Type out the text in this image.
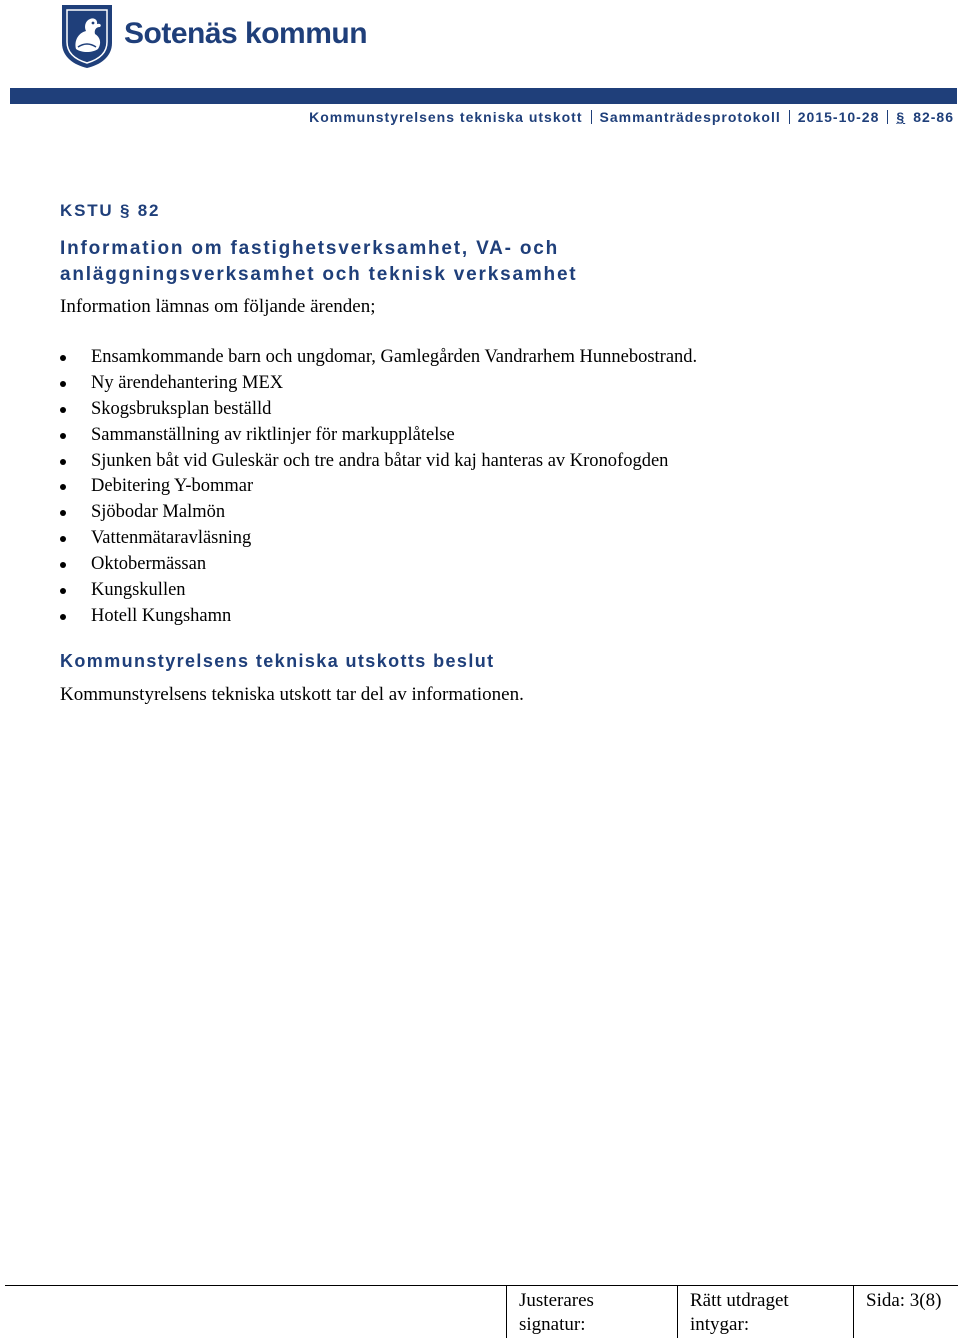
Sotenäs kommun
Kommunstyrelsens tekniska utskott Sammanträdesprotokoll 2015-10-28 § 82-86
KSTU § 82
Information om fastighetsverksamhet, VA- och
anläggningsverksamhet och teknisk verksamhet
Information lämnas om följande ärenden;
Ensamkommande barn och ungdomar, Gamlegården Vandrarhem Hunnebostrand.
Ny ärendehantering MEX
Skogsbruksplan beställd
Sammanställning av riktlinjer för markupplåtelse
Sjunken båt vid Guleskär och tre andra båtar vid kaj hanteras av Kronofogden
Debitering Y-bommar
Sjöbodar Malmön
Vattenmätaravläsning
Oktobermässan
Kungskullen
Hotell Kungshamn
Kommunstyrelsens tekniska utskotts beslut
Kommunstyrelsens tekniska utskott tar del av informationen.
Justerares
signatur:
Rätt utdraget
intygar:
Sida: 3(8)
